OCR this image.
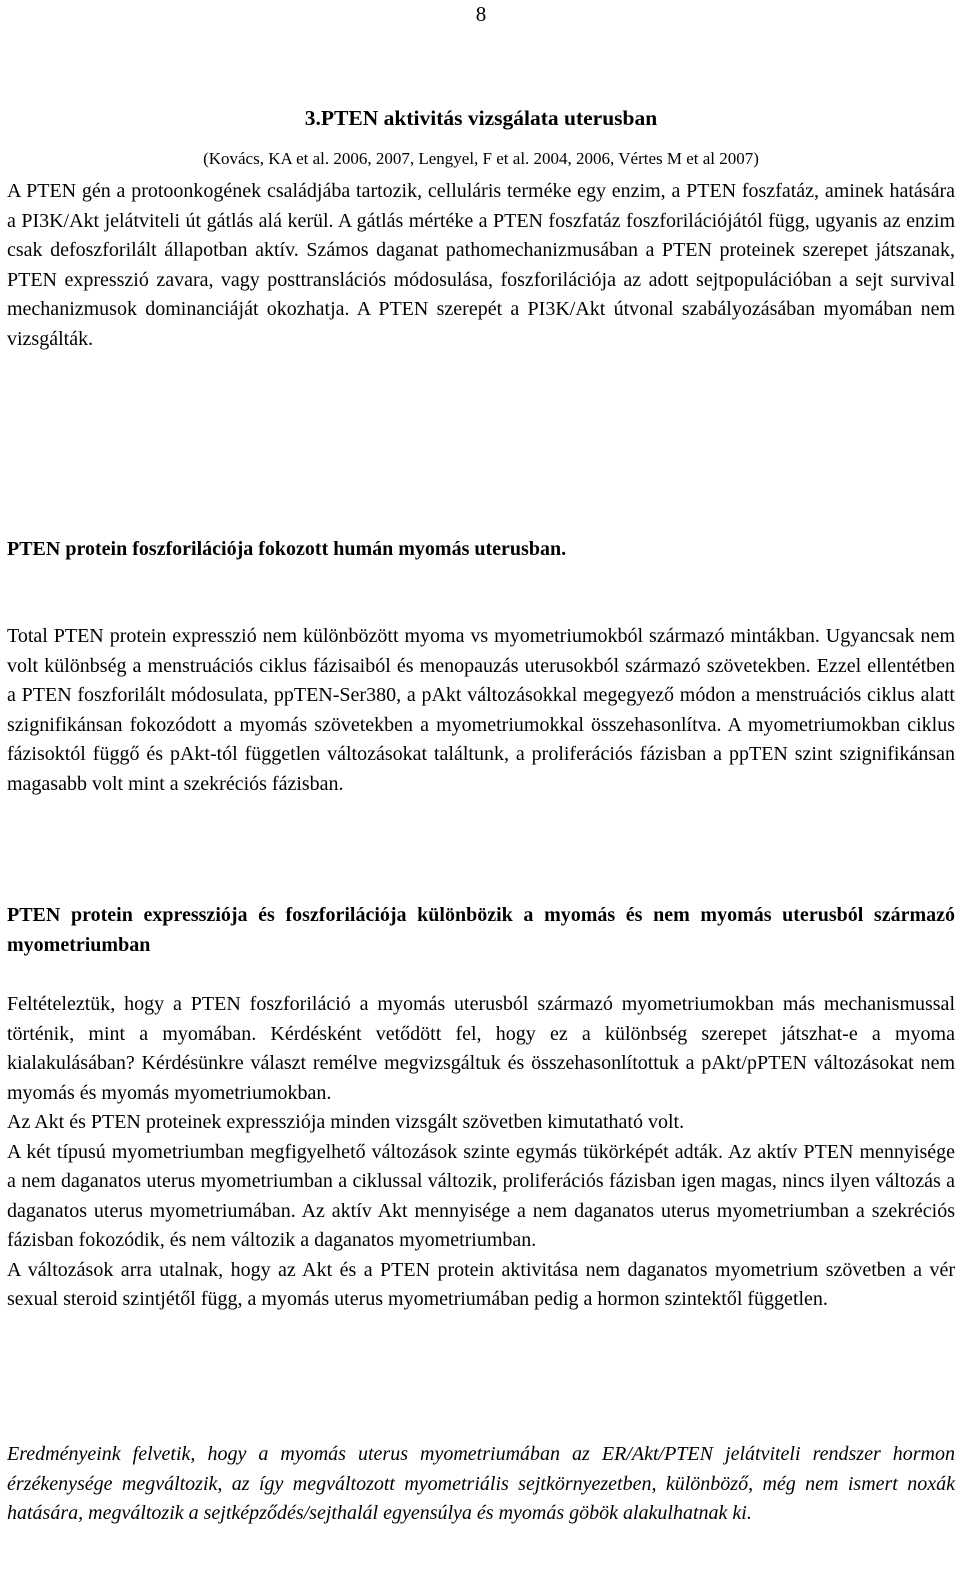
8
3.PTEN aktivitás vizsgálata uterusban
(Kovács, KA et al. 2006, 2007, Lengyel, F et al. 2004, 2006, Vértes M et al 2007)

A PTEN gén a protoonkogének családjába tartozik, celluláris terméke egy enzim, a PTEN foszfatáz, aminek hatására a PI3K/Akt jelátviteli út gátlás alá kerül. A gátlás mértéke a PTEN foszfatáz foszforilációjától függ, ugyanis az enzim csak defoszforilált állapotban aktív. Számos daganat pathomechanizmusában a PTEN proteinek szerepet játszanak, PTEN expresszió zavara, vagy posttranslációs módosulása, foszforilációja az adott sejtpopulációban a sejt survival mechanizmusok dominanciáját okozhatja. A PTEN szerepét a PI3K/Akt útvonal szabályozásában myomában nem vizsgálták.

PTEN protein foszforilációja fokozott humán myomás uterusban.

Total PTEN protein expresszió nem különbözött myoma vs myometriumokból származó mintákban. Ugyancsak nem volt különbség a menstruációs ciklus fázisaiból és menopauzás uterusokból származó szövetekben. Ezzel ellentétben a PTEN foszforilált módosulata, ppTEN-Ser380, a pAkt változásokkal megegyező módon a menstruációs ciklus alatt szignifikánsan fokozódott a myomás szövetekben a myometriumokkal összehasonlítva. A myometriumokban ciklus fázisoktól függő és pAkt-tól független változásokat találtunk, a proliferációs fázisban a ppTEN szint szignifikánsan magasabb volt mint a szekréciós fázisban.

PTEN protein expressziója és foszforilációja különbözik a myomás és nem myomás uterusból származó myometriumban

Feltételeztük, hogy a PTEN foszforiláció a myomás uterusból származó myometriumokban más mechanismussal történik, mint a myomában. Kérdésként vetődött fel, hogy ez a különbség szerepet játszhat-e a myoma kialakulásában? Kérdésünkre választ remélve megvizsgáltuk és összehasonlítottuk a pAkt/pPTEN változásokat nem myomás és myomás myometriumokban.

Az Akt és PTEN proteinek expressziója minden vizsgált szövetben kimutatható volt.

A két típusú myometriumban megfigyelhető változások szinte egymás tükörképét adták. Az aktív PTEN mennyisége a nem daganatos uterus myometriumban a ciklussal változik, proliferációs fázisban igen magas, nincs ilyen változás a daganatos uterus myometriumában. Az aktív Akt mennyisége a nem daganatos uterus myometriumban a szekréciós fázisban fokozódik, és nem változik a daganatos myometriumban.

A változások arra utalnak, hogy az Akt és a PTEN protein aktivitása nem daganatos myometrium szövetben a vér sexual steroid szintjétől függ, a myomás uterus myometriumában pedig a hormon szintektől független.

Eredményeink felvetik, hogy a myomás uterus myometriumában az ER/Akt/PTEN jelátviteli rendszer hormon érzékenysége megváltozik, az így megváltozott myometriális sejtkörnyezetben, különböző, még nem ismert noxák hatására, megváltozik a sejtképződés/sejthalál egyensúlya és myomás göbök alakulhatnak ki.
